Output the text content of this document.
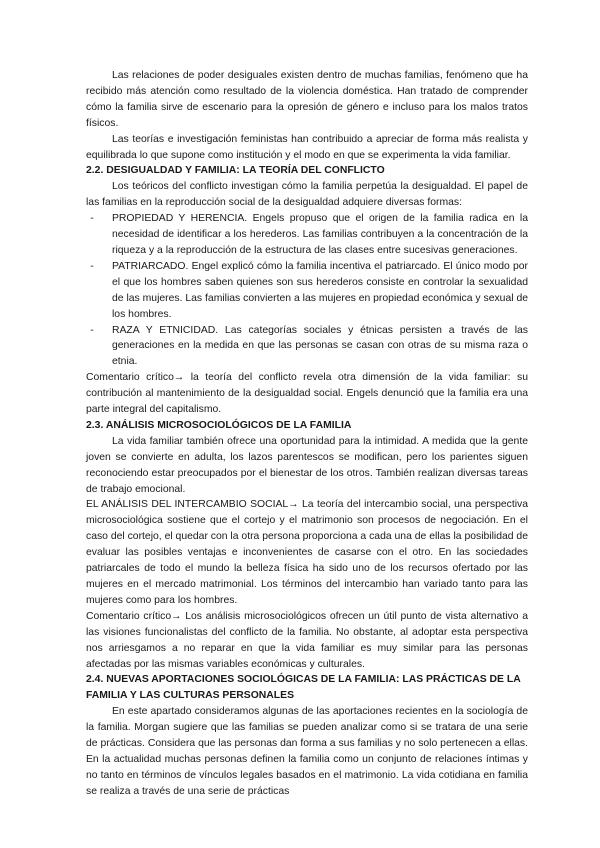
Las relaciones de poder desiguales existen dentro de muchas familias, fenómeno que ha recibido más atención como resultado de la violencia doméstica. Han tratado de comprender cómo la familia sirve de escenario para la opresión de género e incluso para los malos tratos físicos.

Las teorías e investigación feministas han contribuido a apreciar de forma más realista y equilibrada lo que supone como institución y el modo en que se experimenta la vida familiar.

2.2. DESIGUALDAD Y FAMILIA: LA TEORÍA DEL CONFLICTO

Los teóricos del conflicto investigan cómo la familia perpetúa la desigualdad. El papel de las familias en la reproducción social de la desigualdad adquiere diversas formas:

-	PROPIEDAD Y HERENCIA. Engels propuso que el origen de la familia radica en la necesidad de identificar a los herederos. Las familias contribuyen a la concentración de la riqueza y a la reproducción de la estructura de las clases entre sucesivas generaciones.
-	PATRIARCADO. Engel explicó cómo la familia incentiva el patriarcado. El único modo por el que los hombres saben quienes son sus herederos consiste en controlar la sexualidad de las mujeres. Las familias convierten a las mujeres en propiedad económica y sexual de los hombres.
-	RAZA Y ETNICIDAD. Las categorías sociales y étnicas persisten a través de las generaciones en la medida en que las personas se casan con otras de su misma raza o etnia.

Comentario crítico→ la teoría del conflicto revela otra dimensión de la vida familiar: su contribución al mantenimiento de la desigualdad social. Engels denunció que la familia era una parte integral del capitalismo.

2.3. ANÁLISIS MICROSOCIOLÓGICOS DE LA FAMILIA

La vida familiar también ofrece una oportunidad para la intimidad. A medida que la gente joven se convierte en adulta, los lazos parentescos se modifican, pero los parientes siguen reconociendo estar preocupados por el bienestar de los otros. También realizan diversas tareas de trabajo emocional.

EL ANÁLISIS DEL INTERCAMBIO SOCIAL→ La teoría del intercambio social, una perspectiva microsociológica sostiene que el cortejo y el matrimonio son procesos de negociación. En el caso del cortejo, el quedar con la otra persona proporciona a cada una de ellas la posibilidad de evaluar las posibles ventajas e inconvenientes de casarse con el otro. En las sociedades patriarcales de todo el mundo la belleza física ha sido uno de los recursos ofertado por las mujeres en el mercado matrimonial. Los términos del intercambio han variado tanto para las mujeres como para los hombres.

Comentario crítico→ Los análisis microsociológicos ofrecen un útil punto de vista alternativo a las visiones funcionalistas del conflicto de la familia. No obstante, al adoptar esta perspectiva nos arriesgamos a no reparar en que la vida familiar es muy similar para las personas afectadas por las mismas variables económicas y culturales.

2.4. NUEVAS APORTACIONES SOCIOLÓGICAS DE LA FAMILIA: LAS PRÁCTICAS DE LA FAMILIA Y LAS CULTURAS PERSONALES

En este apartado consideramos algunas de las aportaciones recientes en la sociología de la familia. Morgan sugiere que las familias se pueden analizar como si se tratara de una serie de prácticas. Considera que las personas dan forma a sus familias y no solo pertenecen a ellas. En la actualidad muchas personas definen la familia como un conjunto de relaciones íntimas y no tanto en términos de vínculos legales basados en el matrimonio. La vida cotidiana en familia se realiza a través de una serie de prácticas
